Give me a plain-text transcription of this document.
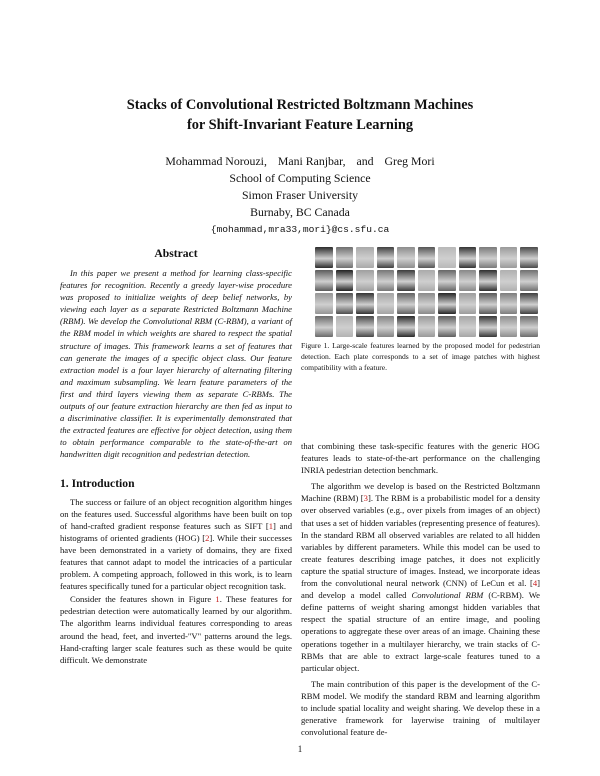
Stacks of Convolutional Restricted Boltzmann Machines
for Shift-Invariant Feature Learning
Mohammad Norouzi, Mani Ranjbar, and Greg Mori
School of Computing Science
Simon Fraser University
Burnaby, BC Canada
{mohammad,mra33,mori}@cs.sfu.ca
Abstract

In this paper we present a method for learning class-specific features for recognition. Recently a greedy layer-wise procedure was proposed to initialize weights of deep belief networks, by viewing each layer as a separate Restricted Boltzmann Machine (RBM). We develop the Convolutional RBM (C-RBM), a variant of the RBM model in which weights are shared to respect the spatial structure of images. This framework learns a set of features that can generate the images of a specific object class. Our feature extraction model is a four layer hierarchy of alternating filtering and maximum subsampling. We learn feature parameters of the first and third layers viewing them as separate C-RBMs. The outputs of our feature extraction hierarchy are then fed as input to a discriminative classifier. It is experimentally demonstrated that the extracted features are effective for object detection, using them to obtain performance comparable to the state-of-the-art on handwritten digit recognition and pedestrian detection.

1. Introduction

The success or failure of an object recognition algorithm hinges on the features used. Successful algorithms have been built on top of hand-crafted gradient response features such as SIFT [1] and histograms of oriented gradients (HOG) [2]. While their successes have been demonstrated in a variety of domains, they are fixed features that cannot adapt to model the intricacies of a particular problem. A competing approach, followed in this work, is to learn features specifically tuned for a particular object recognition task.

Consider the features shown in Figure 1. These features for pedestrian detection were automatically learned by our algorithm. The algorithm learns individual features corresponding to areas around the head, feet, and inverted-"V" patterns around the legs. Hand-crafting larger scale features such as these would be quite difficult. We demonstrate

Figure 1. Large-scale features learned by the proposed model for pedestrian detection. Each plate corresponds to a set of image patches with highest compatibility with a feature.

that combining these task-specific features with the generic HOG features leads to state-of-the-art performance on the challenging INRIA pedestrian detection benchmark.

The algorithm we develop is based on the Restricted Boltzmann Machine (RBM) [3]. The RBM is a probabilistic model for a density over observed variables (e.g., over pixels from images of an object) that uses a set of hidden variables (representing presence of features). In the standard RBM all observed variables are related to all hidden variables by different parameters. While this model can be used to create features describing image patches, it does not explicitly capture the spatial structure of images. Instead, we incorporate ideas from the convolutional neural network (CNN) of LeCun et al. [4] and develop a model called Convolutional RBM (C-RBM). We define patterns of weight sharing amongst hidden variables that respect the spatial structure of an entire image, and pooling operations to aggregate these over areas of an image. Chaining these operations together in a multilayer hierarchy, we train stacks of C-RBMs that are able to extract large-scale features tuned to a particular object.

The main contribution of this paper is the development of the C-RBM model. We modify the standard RBM and learning algorithm to include spatial locality and weight sharing. We develop these in a generative framework for layerwise training of multilayer convolutional feature de-

1
